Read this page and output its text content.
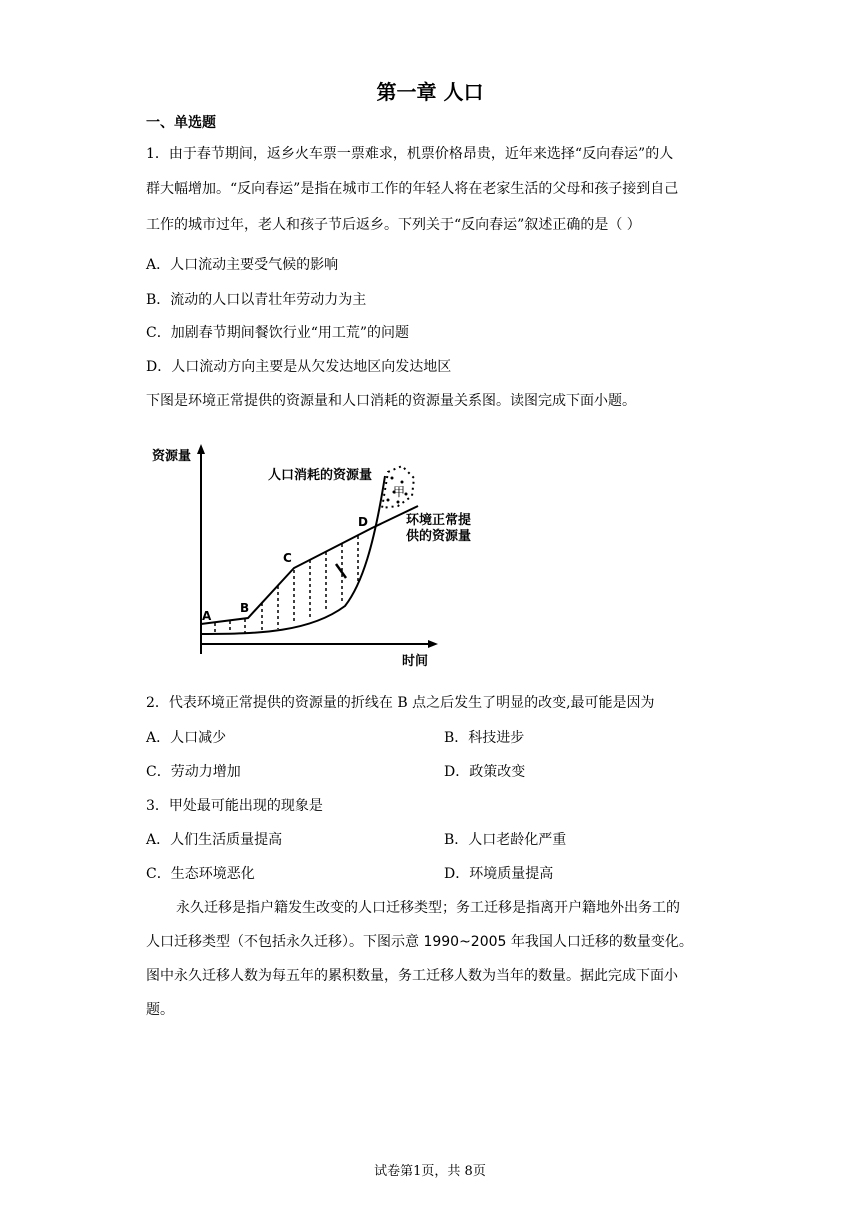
第一章 人口
一、单选题
1．由于春节期间，返乡火车票一票难求，机票价格昂贵，近年来选择“反向春运”的人
群大幅增加。“反向春运”是指在城市工作的年轻人将在老家生活的父母和孩子接到自己
工作的城市过年，老人和孩子节后返乡。下列关于“反向春运”叙述正确的是（ ）
A．人口流动主要受气候的影响
B．流动的人口以青壮年劳动力为主
C．加剧春节期间餐饮行业“用工荒”的问题
D．人口流动方向主要是从欠发达地区向发达地区
下图是环境正常提供的资源量和人口消耗的资源量关系图。读图完成下面小题。
甲
资源量
时间
人口消耗的资源量
环境正常提
供的资源量
A
B
C
D
2．代表环境正常提供的资源量的折线在 B 点之后发生了明显的改变,最可能是因为
A．人口减少	B．科技进步
C．劳动力增加	D．政策改变
3．甲处最可能出现的现象是
A．人们生活质量提高	B．人口老龄化严重
C．生态环境恶化	D．环境质量提高
永久迁移是指户籍发生改变的人口迁移类型；务工迁移是指离开户籍地外出务工的
人口迁移类型（不包括永久迁移）。下图示意 1990~2005 年我国人口迁移的数量变化。
图中永久迁移人数为每五年的累积数量，务工迁移人数为当年的数量。据此完成下面小
题。
试卷第1页，共 8页
